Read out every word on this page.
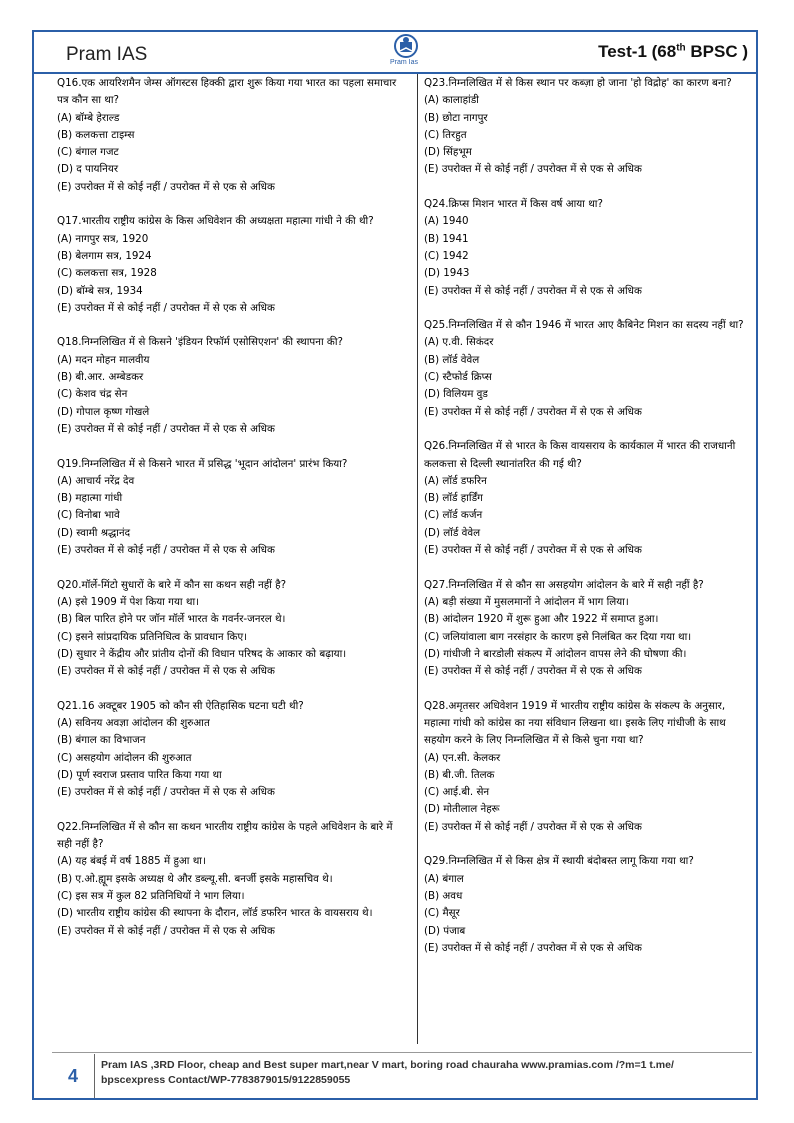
Pram IAS	Pram Ias
Test-1 (68th BPSC )

Q16.एक आयरिशमैन जेम्स ऑगस्टस हिक्की द्वारा शुरू किया गया भारत का पहला समाचार पत्र कौन सा था?

(A) बॉम्बे हेराल्ड

(B) कलकत्ता टाइम्स

(C) बंगाल गजट

(D) द पायनियर

(E) उपरोक्त में से कोई नहीं / उपरोक्त में से एक से अधिक

Q17.भारतीय राष्ट्रीय कांग्रेस के किस अधिवेशन की अध्यक्षता महात्मा गांधी ने की थी?

(A) नागपुर सत्र, 1920

(B) बेलगाम सत्र, 1924

(C) कलकत्ता सत्र, 1928

(D) बॉम्बे सत्र, 1934

(E) उपरोक्त में से कोई नहीं / उपरोक्त में से एक से अधिक

Q18.निम्नलिखित में से किसने 'इंडियन रिफॉर्म एसोसिएशन' की स्थापना की?

(A) मदन मोहन मालवीय

(B) बी.आर. अम्बेडकर

(C) केशव चंद्र सेन

(D) गोपाल कृष्ण गोखले

(E) उपरोक्त में से कोई नहीं / उपरोक्त में से एक से अधिक

Q19.निम्नलिखित में से किसने भारत में प्रसिद्ध 'भूदान आंदोलन' प्रारंभ किया?

(A) आचार्य नरेंद्र देव

(B) महात्मा गांधी

(C) विनोबा भावे

(D) स्वामी श्रद्धानंद

(E) उपरोक्त में से कोई नहीं / उपरोक्त में से एक से अधिक

Q20.मॉर्ले-मिंटो सुधारों के बारे में कौन सा कथन सही नहीं है?

(A) इसे 1909 में पेश किया गया था।

(B) बिल पारित होने पर जॉन मॉर्ले भारत के गवर्नर-जनरल थे।

(C) इसने सांप्रदायिक प्रतिनिधित्व के प्रावधान किए।

(D) सुधार ने केंद्रीय और प्रांतीय दोनों की विधान परिषद के आकार को बढ़ाया।

(E) उपरोक्त में से कोई नहीं / उपरोक्त में से एक से अधिक

Q21.16 अक्टूबर 1905 को कौन सी ऐतिहासिक घटना घटी थी?

(A) सविनय अवज्ञा आंदोलन की शुरुआत

(B) बंगाल का विभाजन

(C) असहयोग आंदोलन की शुरुआत

(D) पूर्ण स्वराज प्रस्ताव पारित किया गया था

(E) उपरोक्त में से कोई नहीं / उपरोक्त में से एक से अधिक

Q22.निम्नलिखित में से कौन सा कथन भारतीय राष्ट्रीय कांग्रेस के पहले अधिवेशन के बारे में सही नहीं है?

(A) यह बंबई में वर्ष 1885 में हुआ था।

(B) ए.ओ.ह्यूम इसके अध्यक्ष थे और डब्ल्यू.सी. बनर्जी इसके महासचिव थे।

(C) इस सत्र में कुल 82 प्रतिनिधियों ने भाग लिया।

(D) भारतीय राष्ट्रीय कांग्रेस की स्थापना के दौरान, लॉर्ड डफरिन भारत के वायसराय थे।

(E) उपरोक्त में से कोई नहीं / उपरोक्त में से एक से अधिक

Q23.निम्नलिखित में से किस स्थान पर कब्ज़ा हो जाना 'हो विद्रोह' का कारण बना?

(A) कालाहांडी

(B) छोटा नागपुर

(C) तिरहुत

(D) सिंहभूम

(E) उपरोक्त में से कोई नहीं / उपरोक्त में से एक से अधिक

Q24.क्रिप्स मिशन भारत में किस वर्ष आया था?

(A) 1940

(B) 1941

(C) 1942

(D) 1943

(E) उपरोक्त में से कोई नहीं / उपरोक्त में से एक से अधिक

Q25.निम्नलिखित में से कौन 1946 में भारत आए कैबिनेट मिशन का सदस्य नहीं था?

(A) ए.वी. सिकंदर

(B) लॉर्ड वेवेल

(C) स्टैफोर्ड क्रिप्स

(D) विलियम वुड

(E) उपरोक्त में से कोई नहीं / उपरोक्त में से एक से अधिक

Q26.निम्नलिखित में से भारत के किस वायसराय के कार्यकाल में भारत की राजधानी कलकत्ता से दिल्ली स्थानांतरित की गई थी?

(A) लॉर्ड डफरिन

(B) लॉर्ड हार्डिंग

(C) लॉर्ड कर्जन

(D) लॉर्ड वेवेल

(E) उपरोक्त में से कोई नहीं / उपरोक्त में से एक से अधिक

Q27.निम्नलिखित में से कौन सा असहयोग आंदोलन के बारे में सही नहीं है?

(A) बड़ी संख्या में मुसलमानों ने आंदोलन में भाग लिया।

(B) आंदोलन 1920 में शुरू हुआ और 1922 में समाप्त हुआ।

(C) जलियांवाला बाग नरसंहार के कारण इसे निलंबित कर दिया गया था।

(D) गांधीजी ने बारडोली संकल्प में आंदोलन वापस लेने की घोषणा की।

(E) उपरोक्त में से कोई नहीं / उपरोक्त में से एक से अधिक

Q28.अमृतसर अधिवेशन 1919 में भारतीय राष्ट्रीय कांग्रेस के संकल्प के अनुसार, महात्मा गांधी को कांग्रेस का नया संविधान लिखना था। इसके लिए गांधीजी के साथ सहयोग करने के लिए निम्नलिखित में से किसे चुना गया था?

(A) एन.सी. केलकर

(B) बी.जी. तिलक

(C) आई.बी. सेन

(D) मोतीलाल नेहरू

(E) उपरोक्त में से कोई नहीं / उपरोक्त में से एक से अधिक

Q29.निम्नलिखित में से किस क्षेत्र में स्थायी बंदोबस्त लागू किया गया था?

(A) बंगाल

(B) अवध

(C) मैसूर

(D) पंजाब

(E) उपरोक्त में से कोई नहीं / उपरोक्त में से एक से अधिक

4
Pram IAS ,3RD Floor, cheap and Best super mart,near V mart, boring road chauraha www.pramias.com /?m=1 t.me/
bpscexpress Contact/WP-7783879015/9122859055
